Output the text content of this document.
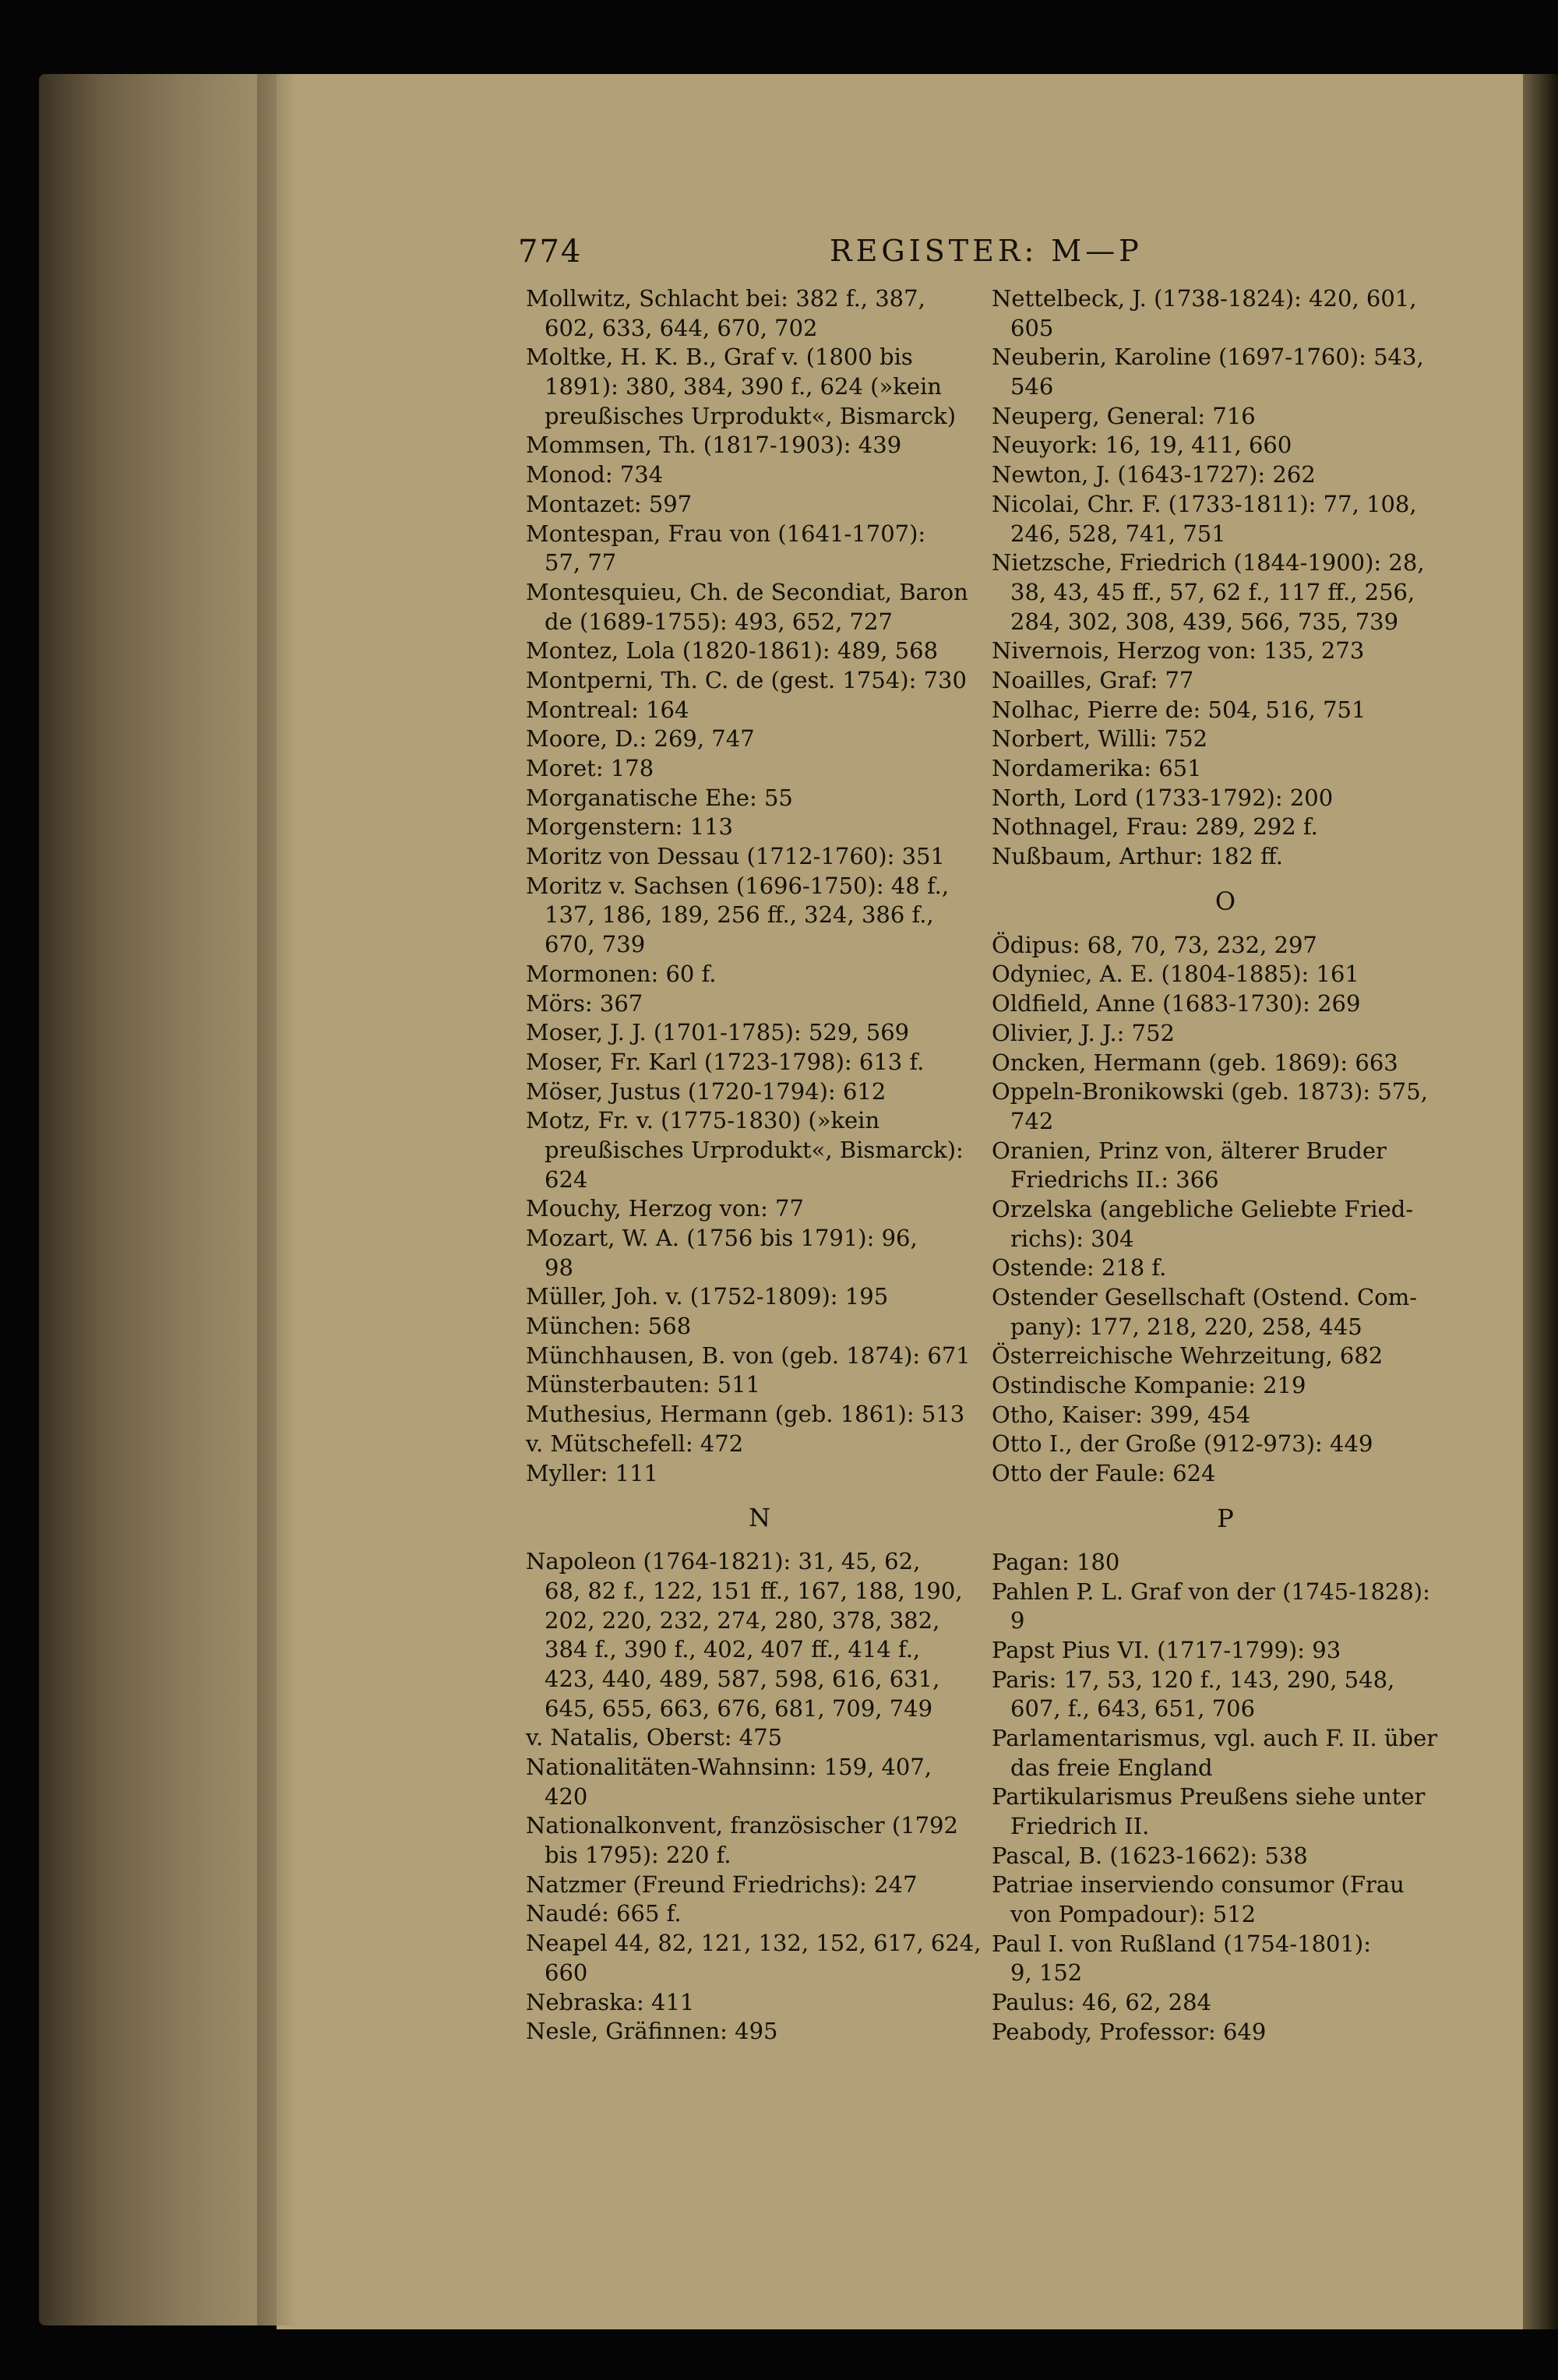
774	REGISTER: M—P
Mollwitz, Schlacht bei: 382 f., 387,
602, 633, 644, 670, 702
Moltke, H. K. B., Graf v. (1800 bis
1891): 380, 384, 390 f., 624 (»kein
preußisches Urprodukt«, Bismarck)
Mommsen, Th. (1817-1903): 439
Monod: 734
Montazet: 597
Montespan, Frau von (1641-1707):
57, 77
Montesquieu, Ch. de Secondiat, Baron
de (1689-1755): 493, 652, 727
Montez, Lola (1820-1861): 489, 568
Montperni, Th. C. de (gest. 1754): 730
Montreal: 164
Moore, D.: 269, 747
Moret: 178
Morganatische Ehe: 55
Morgenstern: 113
Moritz von Dessau (1712-1760): 351
Moritz v. Sachsen (1696-1750): 48 f.,
137, 186, 189, 256 ff., 324, 386 f.,
670, 739
Mormonen: 60 f.
Mörs: 367
Moser, J. J. (1701-1785): 529, 569
Moser, Fr. Karl (1723-1798): 613 f.
Möser, Justus (1720-1794): 612
Motz, Fr. v. (1775-1830) (»kein
preußisches Urprodukt«, Bismarck):
624
Mouchy, Herzog von: 77
Mozart, W. A. (1756 bis 1791): 96,
98
Müller, Joh. v. (1752-1809): 195
München: 568
Münchhausen, B. von (geb. 1874): 671
Münsterbauten: 511
Muthesius, Hermann (geb. 1861): 513
v. Mütschefell: 472
Myller: 111
N
Napoleon (1764-1821): 31, 45, 62,
68, 82 f., 122, 151 ff., 167, 188, 190,
202, 220, 232, 274, 280, 378, 382,
384 f., 390 f., 402, 407 ff., 414 f.,
423, 440, 489, 587, 598, 616, 631,
645, 655, 663, 676, 681, 709, 749
v. Natalis, Oberst: 475
Nationalitäten-Wahnsinn: 159, 407,
420
Nationalkonvent, französischer (1792
bis 1795): 220 f.
Natzmer (Freund Friedrichs): 247
Naudé: 665 f.
Neapel 44, 82, 121, 132, 152, 617, 624,
660
Nebraska: 411
Nesle, Gräfinnen: 495
Nettelbeck, J. (1738-1824): 420, 601,
605
Neuberin, Karoline (1697-1760): 543,
546
Neuperg, General: 716
Neuyork: 16, 19, 411, 660
Newton, J. (1643-1727): 262
Nicolai, Chr. F. (1733-1811): 77, 108,
246, 528, 741, 751
Nietzsche, Friedrich (1844-1900): 28,
38, 43, 45 ff., 57, 62 f., 117 ff., 256,
284, 302, 308, 439, 566, 735, 739
Nivernois, Herzog von: 135, 273
Noailles, Graf: 77
Nolhac, Pierre de: 504, 516, 751
Norbert, Willi: 752
Nordamerika: 651
North, Lord (1733-1792): 200
Nothnagel, Frau: 289, 292 f.
Nußbaum, Arthur: 182 ff.
O
Ödipus: 68, 70, 73, 232, 297
Odyniec, A. E. (1804-1885): 161
Oldfield, Anne (1683-1730): 269
Olivier, J. J.: 752
Oncken, Hermann (geb. 1869): 663
Oppeln-Bronikowski (geb. 1873): 575,
742
Oranien, Prinz von, älterer Bruder
Friedrichs II.: 366
Orzelska (angebliche Geliebte Fried-
richs): 304
Ostende: 218 f.
Ostender Gesellschaft (Ostend. Com-
pany): 177, 218, 220, 258, 445
Österreichische Wehrzeitung, 682
Ostindische Kompanie: 219
Otho, Kaiser: 399, 454
Otto I., der Große (912-973): 449
Otto der Faule: 624
P
Pagan: 180
Pahlen P. L. Graf von der (1745-1828):
9
Papst Pius VI. (1717-1799): 93
Paris: 17, 53, 120 f., 143, 290, 548,
607, f., 643, 651, 706
Parlamentarismus, vgl. auch F. II. über
das freie England
Partikularismus Preußens siehe unter
Friedrich II.
Pascal, B. (1623-1662): 538
Patriae inserviendo consumor (Frau
von Pompadour): 512
Paul I. von Rußland (1754-1801):
9, 152
Paulus: 46, 62, 284
Peabody, Professor: 649
